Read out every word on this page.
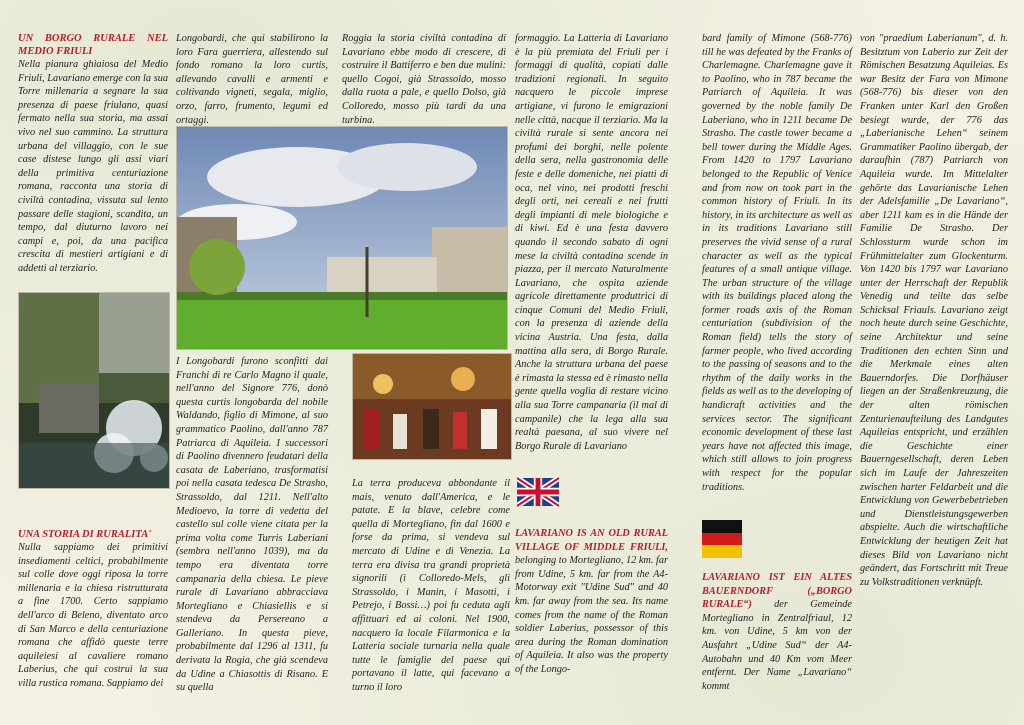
UN BORGO RURALE NEL MEDIO FRIULI

Nella pianura ghiaiosa del Medio Friuli, Lavariano emerge con la sua Torre millenaria a segnare la sua presenza di paese friulano, quasi fermato nella sua storia, ma assai vivo nel suo cammino. La struttura urbana del villaggio, con le sue case distese lungo gli assi viari della primitiva centuriazione romana, racconta una storia di civiltà contadina, vissuta sul lento passare delle stagioni, scandita, un tempo, dal diuturno lavoro nei campi e, poi, da una pacifica crescita di mestieri artigiani e di addetti al terziario.

UNA STORIA DI RURALITA'

Nulla sappiamo dei primitivi insediamenti celtici, probabilmente sul colle dove oggi riposa la torre millenaria e la chiesa ristrutturata a fine 1700. Certo sappiamo dell'arco di Beleno, diventato arco di San Marco e della centuriazione romana che affidò queste terre aquileiesi al cavaliere romano Laberius, che qui costruì la sua villa rustica romana. Sappiamo dei

Longobardi, che qui stabilirono la loro Fara guerriera, allestendo sul fondo romano la loro curtis, allevando cavalli e armenti e coltivando vigneti, segala, miglio, orzo, farro, frumento, legumi ed ortaggi.

I Longobardi furono sconfitti dai Franchi di re Carlo Magno il quale, nell'anno del Signore 776, donò questa curtis longobarda del nobile Waldando, figlio di Mimone, al suo grammatico Paolino, dall'anno 787 Patriarca di Aquileia. I successori di Paolino divennero feudatari della casata de Laberiano, trasformatisi poi nella casata tedesca De Strasho, Strassoldo, dal 1211. Nell'alto Medioevo, la torre di vedetta del castello sul colle viene citata per la prima volta come Turris Laberiani (sembra nell'anno 1039), ma da tempo era diventata torre campanaria della chiesa. Le pieve rurale di Lavariano abbracciava Mortegliano e Chiasiellis e si stendeva da Persereano a Galleriano. In questa pieve, probabilmente dal 1296 al 1311, fu derivata la Rogia, che già scendeva da Udine a Chiasottis di Risano. E su quella

Roggia la storia civiltà contadina di Lavariano ebbe modo di crescere, di costruire il Battiferro e ben due mulini: quello Cogoi, già Strassoldo, mosso dalla ruota a pale, e quello Dolso, già Colloredo, mosso più tardi da una turbina.

La terra produceva abbondante il mais, venuto dall'America, e le patate. E la blave, celebre come quella di Mortegliano, fin dal 1600 e forse da prima, si vendeva sul mercato di Udine e di Venezia. La terra era divisa tra grandi proprietà signorili (i Colloredo-Mels, gli Strassoldo, i Manin, i Masotti, i Petrejo, i Bossi…) poi fu ceduta agli affittuari ed ai coloni. Nel 1900, nacquero la locale Filarmonica e la Latteria sociale turnaria nella quale tutte le famiglie del paese qui portavano il latte, qui facevano a turno il loro

formaggio. La Latteria di Lavariano è la più premiata del Friuli per i formaggi di qualità, copiati dalle tradizioni regionali. In seguito nacquero le piccole imprese artigiane, vi furono le emigrazioni nelle città, nacque il terziario. Ma la civiltà rurale si sente ancora nei profumi dei borghi, nelle polente della sera, nella gastronomia delle feste e delle domeniche, nei piatti di oca, nel vino, nei prodotti freschi degli orti, nei cereali e nei frutti degli impianti di mele biologiche e di kiwi. Ed è una festa davvero quando il secondo sabato di ogni mese la civiltà contadina scende in piazza, per il mercato Naturalmente Lavariano, che ospita aziende agricole direttamente produttrici di cinque Comuni del Medio Friuli, con la presenza di aziende della vicina Austria. Una festa, dalla mattina alla sera, di Borgo Rurale. Anche la struttura urbana del paese è rimasta la stessa ed è rimasto nella gente quella voglia di restare vicino alla sua Torre campanaria (il mal di campanile) che la lega alla sua realtà paesana, al suo vivere nel Borgo Rurale di Lavariano

LAVARIANO IS AN OLD RURAL VILLAGE OF MIDDLE FRIULI, belonging to Mortegliano, 12 km. far from Udine, 5 km. far from the A4-Motorway exit "Udine Sud" and 40 km. far away from the sea. Its name comes from the name of the Roman soldier Laberius, possessor of this area during the Roman domination of Aquileia. It also was the property of the Longo-

bard family of Mimone (568-776) till he was defeated by the Franks of Charlemagne. Charlemagne gave it to Paolino, who in 787 became the Patriarch of Aquileia. It was governed by the noble family De Laberiano, who in 1211 became De Strasho. The castle tower became a bell tower during the Middle Ages. From 1420 to 1797 Lavariano belonged to the Republic of Venice and from now on took part in the common history of Friuli. In its history, in its architecture as well as in its traditions Lavariano still preserves the vivid sense of a rural character as well as the typical features of a small antique village. The urban structure of the village with its buildings placed along the former roads axis of the Roman centuriation (subdivision of the Roman field) tells the story of farmer people, who lived according to the passing of seasons and to the rhythm of the daily works in the fields as well as to the developing of handicraft activities and the services sector. The significant economic development of these last years have not affected this image, which still allows to join progress with respect for the popular traditions.

LAVARIANO IST EIN ALTES BAUERNDORF („BORGO RURALE“) der Gemeinde Mortegliano in Zentralfriaul, 12 km. von Udine, 5 km von der Ausfahrt „Udine Sud“ der A4-Autobahn und 40 Km vom Meer entfernt. Der Name „Lavariano“ kommt

von "praedium Laberianum", d. h. Besitztum von Laberio zur Zeit der Römischen Besatzung Aquileias. Es war Besitz der Fara von Mimone (568-776) bis dieser von den Franken unter Karl den Großen besiegt wurde, der 776 das „Laberianische Lehen“ seinem Grammatiker Paolino übergab, der daraufhin (787) Patriarch von Aquileia wurde. Im Mittelalter gehörte das Lavarianische Lehen der Adelsfamilie „De Lavariano“, aber 1211 kam es in die Hände der Familie De Strasho. Der Schlossturm wurde schon im Frühmittelalter zum Glockenturm. Von 1420 bis 1797 war Lavariano unter der Herrschaft der Republik Venedig und teilte das selbe Schicksal Friauls. Lavariano zeigt noch heute durch seine Geschichte, seine Architektur und seine Traditionen den echten Sinn und die Merkmale eines alten Bauerndorfes. Die Dorfhäuser liegen an der Straßenkreuzung, die der alten römischen Zenturienaufteilung des Landgutes Aquileias entspricht, und erzählen die Geschichte einer Bauerngesellschaft, deren Leben sich im Laufe der Jahreszeiten zwischen harter Feldarbeit und die Entwicklung von Gewerbebetrieben und Dienstleistungsgewerben abspielte. Auch die wirtschaftliche Entwicklung der heutigen Zeit hat dieses Bild von Lavariano nicht geändert, das Fortschritt mit Treue zu Volkstraditionen verknüpft.
